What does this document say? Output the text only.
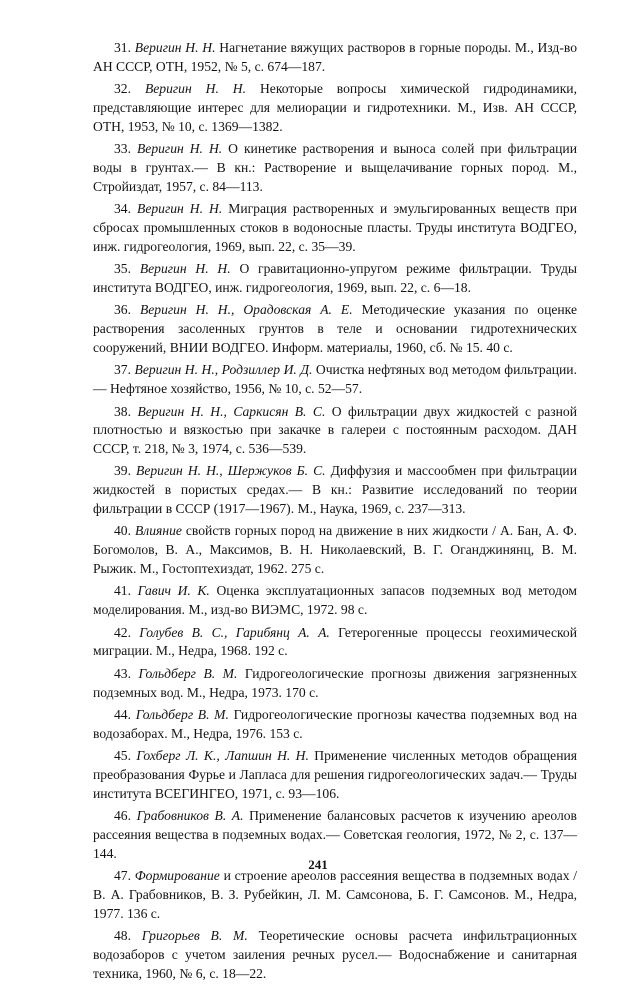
31. Веригин Н. Н. Нагнетание вяжущих растворов в горные породы. М., Изд-во АН СССР, ОТН, 1952, № 5, с. 674—187.

32. Веригин Н. Н. Некоторые вопросы химической гидродинамики, представляющие интерес для мелиорации и гидротехники. М., Изв. АН СССР, ОТН, 1953, № 10, с. 1369—1382.

33. Веригин Н. Н. О кинетике растворения и выноса солей при фильтрации воды в грунтах.— В кн.: Растворение и выщелачивание горных пород. М., Стройиздат, 1957, с. 84—113.

34. Веригин Н. Н. Миграция растворенных и эмульгированных веществ при сбросах промышленных стоков в водоносные пласты. Труды института ВОДГЕО, инж. гидрогеология, 1969, вып. 22, с. 35—39.

35. Веригин Н. Н. О гравитационно-упругом режиме фильтрации. Труды института ВОДГЕО, инж. гидрогеология, 1969, вып. 22, с. 6—18.

36. Веригин Н. Н., Орадовская А. Е. Методические указания по оценке растворения засоленных грунтов в теле и основании гидротехнических сооружений, ВНИИ ВОДГЕО. Информ. материалы, 1960, сб. № 15. 40 с.

37. Веригин Н. Н., Родзиллер И. Д. Очистка нефтяных вод методом фильтрации.— Нефтяное хозяйство, 1956, № 10, с. 52—57.

38. Веригин Н. Н., Саркисян В. С. О фильтрации двух жидкостей с разной плотностью и вязкостью при закачке в галереи с постоянным расходом. ДАН СССР, т. 218, № 3, 1974, с. 536—539.

39. Веригин Н. Н., Шержуков Б. С. Диффузия и массообмен при фильтрации жидкостей в пористых средах.— В кн.: Развитие исследований по теории фильтрации в СССР (1917—1967). М., Наука, 1969, с. 237—313.

40. Влияние свойств горных пород на движение в них жидкости / А. Бан, А. Ф. Богомолов, В. А., Максимов, В. Н. Николаевский, В. Г. Оганджинянц, В. М. Рыжик. М., Гостоптехиздат, 1962. 275 с.

41. Гавич И. К. Оценка эксплуатационных запасов подземных вод методом моделирования. М., изд-во ВИЭМС, 1972. 98 с.

42. Голубев В. С., Гарибянц А. А. Гетерогенные процессы геохимической миграции. М., Недра, 1968. 192 с.

43. Гольдберг В. М. Гидрогеологические прогнозы движения загрязненных подземных вод. М., Недра, 1973. 170 с.

44. Гольдберг В. М. Гидрогеологические прогнозы качества подземных вод на водозаборах. М., Недра, 1976. 153 с.

45. Гохберг Л. К., Лапшин Н. Н. Применение численных методов обращения преобразования Фурье и Лапласа для решения гидрогеологических задач.— Труды института ВСЕГИНГЕО, 1971, с. 93—106.

46. Грабовников В. А. Применение балансовых расчетов к изучению ареолов рассеяния вещества в подземных водах.— Советская геология, 1972, № 2, с. 137—144.

47. Формирование и строение ареолов рассеяния вещества в подземных водах / В. А. Грабовников, В. З. Рубейкин, Л. М. Самсонова, Б. Г. Самсонов. М., Недра, 1977. 136 с.

48. Григорьев В. М. Теоретические основы расчета инфильтрационных водозаборов с учетом заиления речных русел.— Водоснабжение и санитарная техника, 1960, № 6, с. 18—22.

241
